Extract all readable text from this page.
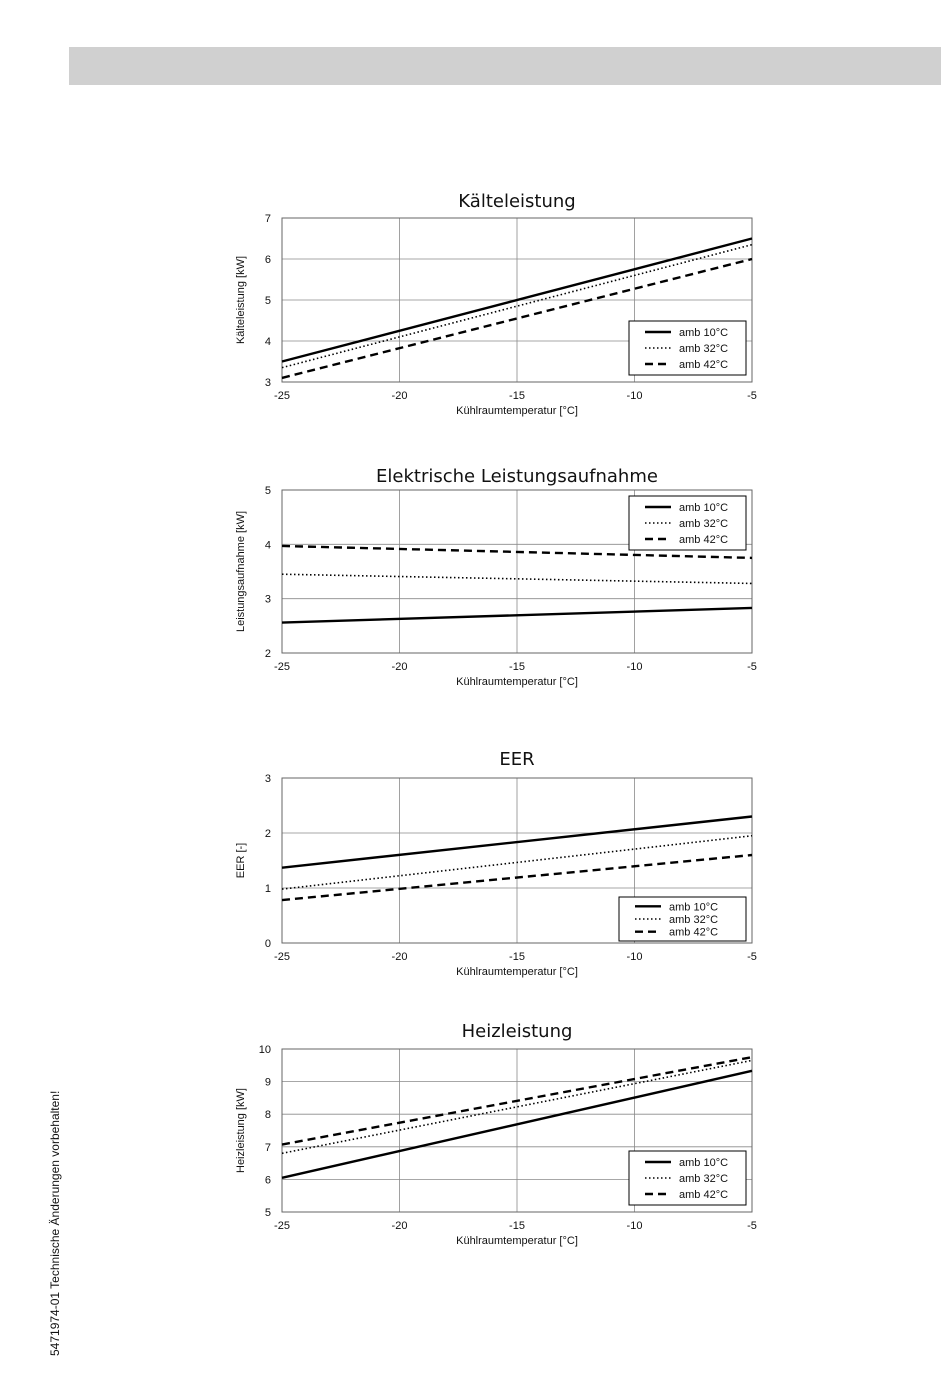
Kälteleistung
-25	-20	-15	-10	-5
3
4
5
6
7
Kühlraumtemperatur [°C]
Kälteleistung [kW]	amb 10°C
amb 32°C
amb 42°C
Elektrische Leistungsaufnahme
-25	-20	-15	-10	-5
2
3
4
5
Kühlraumtemperatur [°C]
Leistungsaufnahme [kW]
amb 10°C
amb 32°C
amb 42°C
EER
-25	-20	-15	-10	-5
0
1
2
3
Kühlraumtemperatur [°C]
EER [-]
amb 10°C
amb 32°C
amb 42°C
Heizleistung
-25	-20	-15	-10	-5
5
6
7
8
9
10
Kühlraumtemperatur [°C]
Heizleistung [kW]	amb 10°C
amb 32°C
amb 42°C
5471974-01 Technische Änderungen vorbehalten!
